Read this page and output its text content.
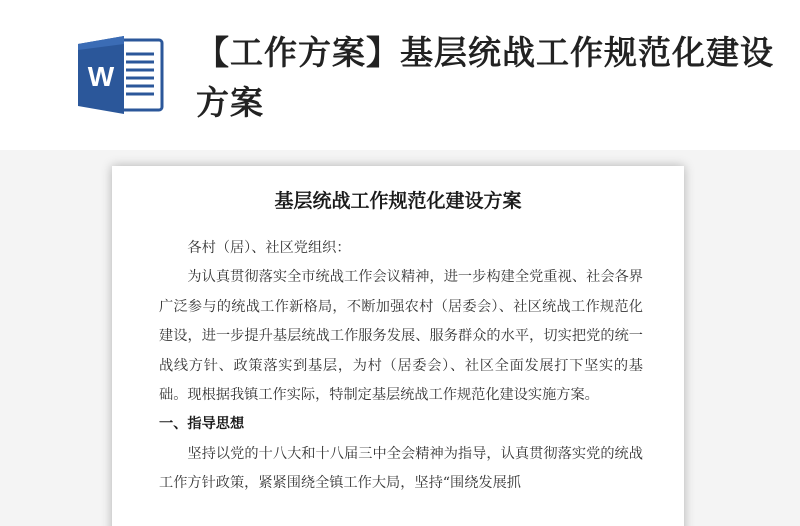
W
【工作方案】基层统战工作规范化建设方案
基层统战工作规范化建设方案

各村（居）、社区党组织：

为认真贯彻落实全市统战工作会议精神，进一步构建全党重视、社会各界广泛参与的统战工作新格局，不断加强农村（居委会）、社区统战工作规范化建设，进一步提升基层统战工作服务发展、服务群众的水平，切实把党的统一战线方针、政策落实到基层，为村（居委会）、社区全面发展打下坚实的基础。现根据我镇工作实际，特制定基层统战工作规范化建设实施方案。

一、指导思想

坚持以党的十八大和十八届三中全会精神为指导，认真贯彻落实党的统战工作方针政策，紧紧围绕全镇工作大局，坚持“围绕发展抓
